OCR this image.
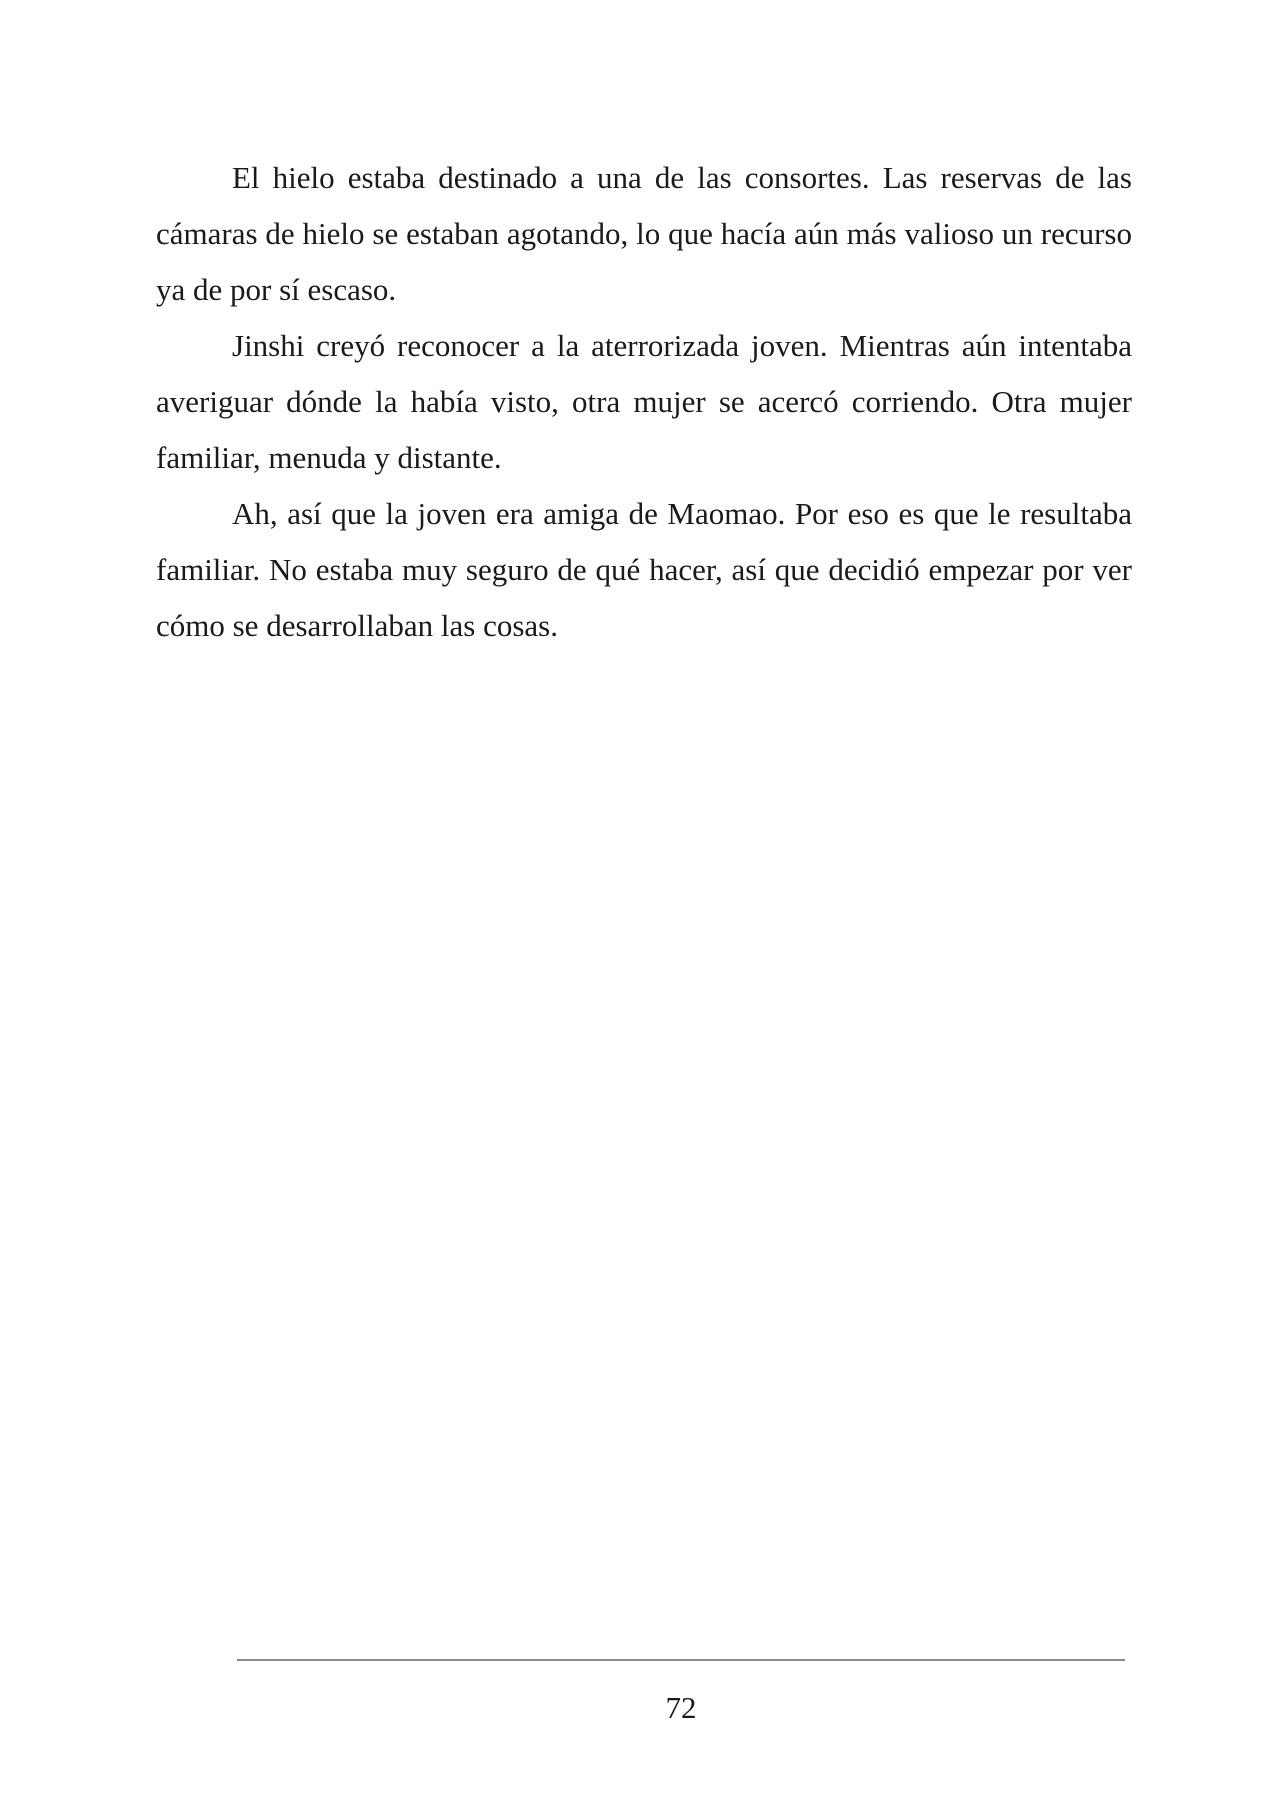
El hielo estaba destinado a una de las consortes. Las reservas de las cámaras de hielo se estaban agotando, lo que hacía aún más valioso un recurso ya de por sí escaso.

Jinshi creyó reconocer a la aterrorizada joven. Mientras aún intentaba averiguar dónde la había visto, otra mujer se acercó corriendo. Otra mujer familiar, menuda y distante.

Ah, así que la joven era amiga de Maomao. Por eso es que le resultaba familiar. No estaba muy seguro de qué hacer, así que decidió empezar por ver cómo se desarrollaban las cosas.

72
